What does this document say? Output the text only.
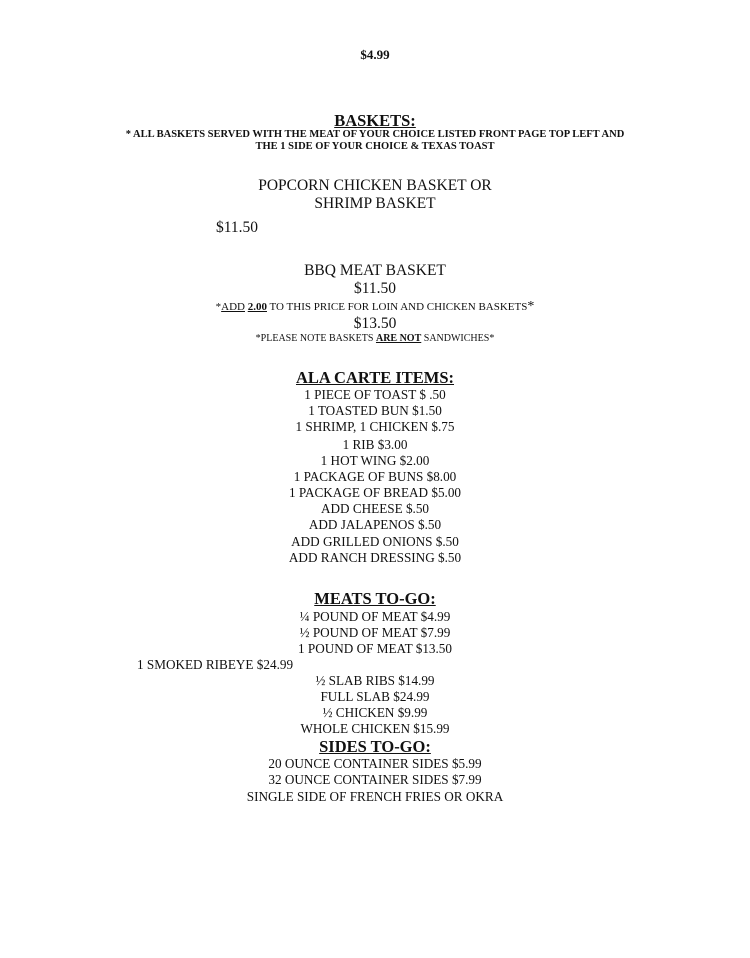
$4.99
BASKETS:
* ALL BASKETS SERVED WITH THE MEAT OF YOUR CHOICE LISTED FRONT PAGE TOP LEFT AND
THE 1 SIDE OF YOUR CHOICE & TEXAS TOAST
POPCORN CHICKEN BASKET OR
SHRIMP BASKET
$11.50
BBQ MEAT BASKET
$11.50
*ADD 2.00 TO THIS PRICE FOR LOIN AND CHICKEN BASKETS*
$13.50
*PLEASE NOTE BASKETS ARE NOT SANDWICHES*
ALA CARTE ITEMS:
1 PIECE OF TOAST $ .50
1 TOASTED BUN $1.50
1 SHRIMP, 1 CHICKEN $.75
1 RIB $3.00
1 HOT WING $2.00
1 PACKAGE OF BUNS $8.00
1 PACKAGE OF BREAD $5.00
ADD CHEESE $.50
ADD JALAPENOS $.50
ADD GRILLED ONIONS $.50
ADD RANCH DRESSING $.50
MEATS TO-GO:
¼ POUND OF MEAT $4.99
½ POUND OF MEAT $7.99
1 POUND OF MEAT $13.50
1 SMOKED RIBEYE $24.99
½ SLAB RIBS $14.99
FULL SLAB $24.99
½ CHICKEN $9.99
WHOLE CHICKEN $15.99
SIDES TO-GO:
20 OUNCE CONTAINER SIDES $5.99
32 OUNCE CONTAINER SIDES $7.99
SINGLE SIDE OF FRENCH FRIES OR OKRA
